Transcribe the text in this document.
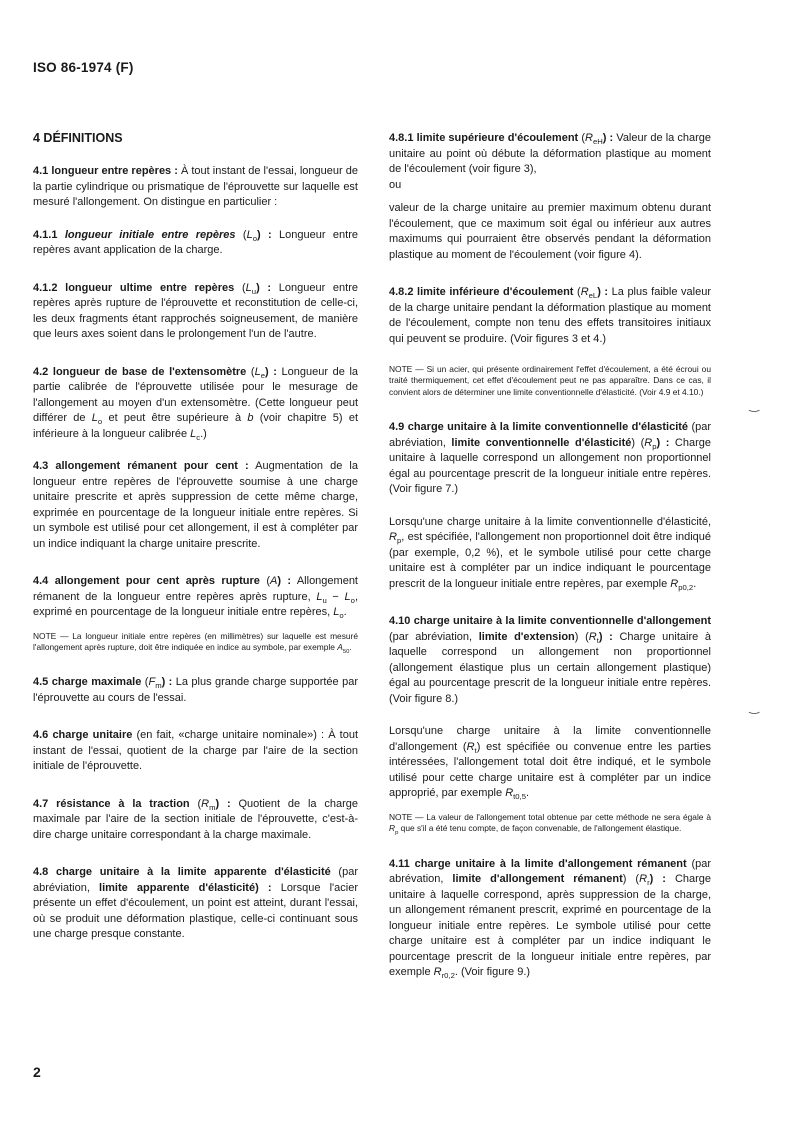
ISO 86-1974 (F)
4 DÉFINITIONS

4.1 longueur entre repères : À tout instant de l'essai, longueur de la partie cylindrique ou prismatique de l'éprouvette sur laquelle est mesuré l'allongement. On distingue en particulier :

4.1.1 longueur initiale entre repères $(L_o)$ : Longueur entre repères avant application de la charge.

4.1.2 longueur ultime entre repères $(L_u)$ : Longueur entre repères après rupture de l'éprouvette et reconstitution de celle-ci, les deux fragments étant rapprochés soigneusement, de manière que leurs axes soient dans le prolongement l'un de l'autre.

4.2 longueur de base de l'extensomètre $(L_e)$ : Longueur de la partie calibrée de l'éprouvette utilisée pour le mesurage de l'allongement au moyen d'un extensomètre. (Cette longueur peut différer de $L_o$ et peut être supérieure à b (voir chapitre 5) et inférieure à la longueur calibrée $L_c$.)

4.3 allongement rémanent pour cent : Augmentation de la longueur entre repères de l'éprouvette soumise à une charge unitaire prescrite et après suppression de cette même charge, exprimée en pourcentage de la longueur initiale entre repères. Si un symbole est utilisé pour cet allongement, il est à compléter par un indice indiquant la charge unitaire prescrite.

4.4 allongement pour cent après rupture (A) : Allongement rémanent de la longueur entre repères après rupture, $L_u - L_o$, exprimé en pourcentage de la longueur initiale entre repères, $L_o$.

NOTE — La longueur initiale entre repères (en millimètres) sur laquelle est mesuré l'allongement après rupture, doit être indiquée en indice au symbole, par exemple $A_{50}$.

4.5 charge maximale $(F_m)$ : La plus grande charge supportée par l'éprouvette au cours de l'essai.

4.6 charge unitaire (en fait, «charge unitaire nominale») : À tout instant de l'essai, quotient de la charge par l'aire de la section initiale de l'éprouvette.

4.7 résistance à la traction $(R_m)$ : Quotient de la charge maximale par l'aire de la section initiale de l'éprouvette, c'est-à-dire charge unitaire correspondant à la charge maximale.

4.8 charge unitaire à la limite apparente d'élasticité (par abréviation, limite apparente d'élasticité) : Lorsque l'acier présente un effet d'écoulement, un point est atteint, durant l'essai, où se produit une déformation plastique, celle-ci continuant sous une charge presque constante.

4.8.1 limite supérieure d'écoulement $(R_{eH})$ : Valeur de la charge unitaire au point où débute la déformation plastique au moment de l'écoulement (voir figure 3),

ou

valeur de la charge unitaire au premier maximum obtenu durant l'écoulement, que ce maximum soit égal ou inférieur aux autres maximums qui pourraient être observés pendant la déformation plastique au moment de l'écoulement (voir figure 4).

4.8.2 limite inférieure d'écoulement $(R_{eL})$ : La plus faible valeur de la charge unitaire pendant la déformation plastique au moment de l'écoulement, compte non tenu des effets transitoires initiaux qui peuvent se produire. (Voir figures 3 et 4.)

NOTE — Si un acier, qui présente ordinairement l'effet d'écoulement, a été écroui ou traité thermiquement, cet effet d'écoulement peut ne pas apparaître. Dans ce cas, il convient alors de déterminer une limite conventionnelle d'élasticité. (Voir 4.9 et 4.10.)

4.9 charge unitaire à la limite conventionnelle d'élasticité (par abréviation, limite conventionnelle d'élasticité) $(R_p)$ : Charge unitaire à laquelle correspond un allongement non proportionnel égal au pourcentage prescrit de la longueur initiale entre repères. (Voir figure 7.)

Lorsqu'une charge unitaire à la limite conventionnelle d'élasticité, $R_p$, est spécifiée, l'allongement non proportionnel doit être indiqué (par exemple, 0,2 %), et le symbole utilisé pour cette charge unitaire est à compléter par un indice indiquant le pourcentage prescrit de la longueur initiale entre repères, par exemple $R_{p0,2}$.

4.10 charge unitaire à la limite conventionnelle d'allongement (par abréviation, limite d'extension) $(R_t)$ : Charge unitaire à laquelle correspond un allongement non proportionnel (allongement élastique plus un certain allongement plastique) égal au pourcentage prescrit de la longueur initiale entre repères. (Voir figure 8.)

Lorsqu'une charge unitaire à la limite conventionnelle d'allongement $(R_t)$ est spécifiée ou convenue entre les parties intéressées, l'allongement total doit être indiqué, et le symbole utilisé pour cette charge unitaire est à compléter par un indice approprié, par exemple $R_{t0,5}$.

NOTE — La valeur de l'allongement total obtenue par cette méthode ne sera égale à $R_p$ que s'il a été tenu compte, de façon convenable, de l'allongement élastique.

4.11 charge unitaire à la limite d'allongement rémanent (par abrévation, limite d'allongement rémanent) $(R_r)$ : Charge unitaire à laquelle correspond, après suppression de la charge, un allongement rémanent prescrit, exprimé en pourcentage de la longueur initiale entre repères. Le symbole utilisé pour cette charge unitaire est à compléter par un indice indiquant le pourcentage prescrit de la longueur initiale entre repères, par exemple $R_{r0,2}$. (Voir figure 9.)

‿
‿
2
